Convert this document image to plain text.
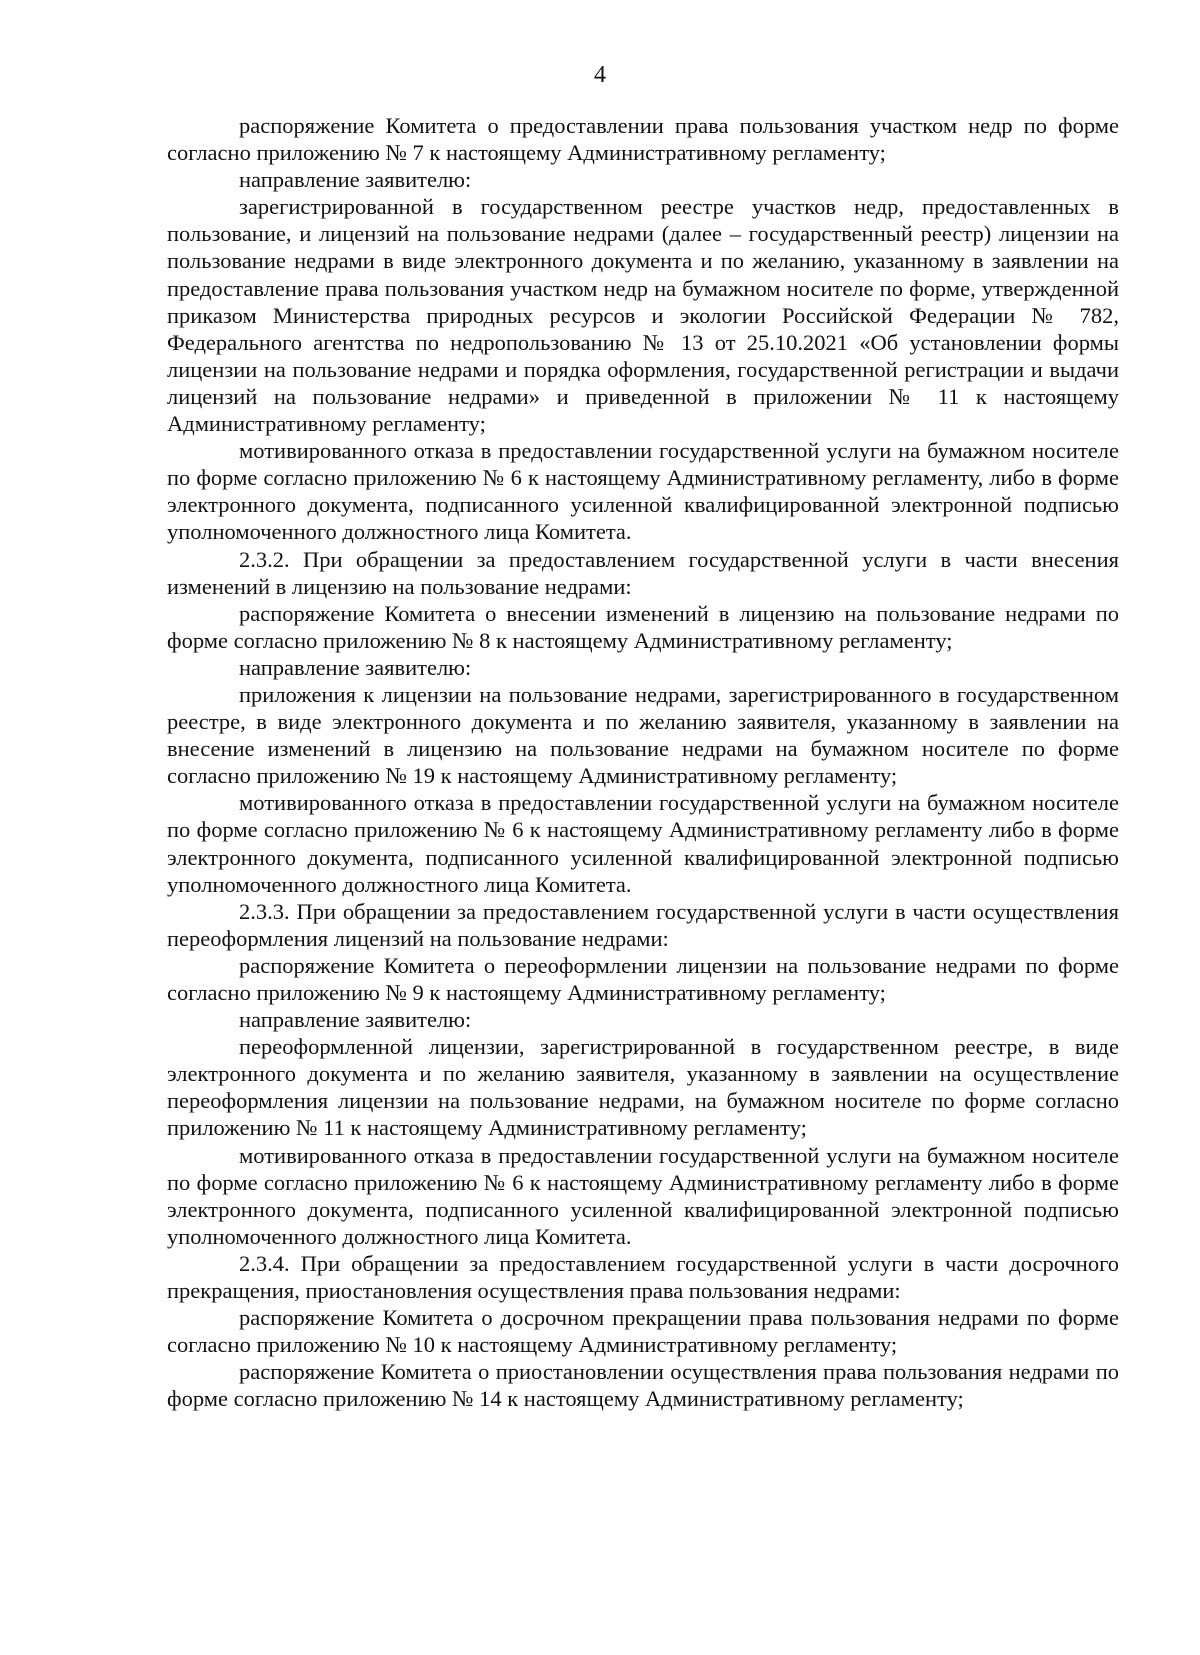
4

распоряжение Комитета о предоставлении права пользования участком недр по форме согласно приложению № 7 к настоящему Административному регламенту;

направление заявителю:

зарегистрированной в государственном реестре участков недр, предоставленных в пользование, и лицензий на пользование недрами (далее – государственный реестр) лицензии на пользование недрами в виде электронного документа и по желанию, указанному в заявлении на предоставление права пользования участком недр на бумажном носителе по форме, утвержденной приказом Министерства природных ресурсов и экологии Российской Федерации № 782, Федерального агентства по недропользованию № 13 от 25.10.2021 «Об установлении формы лицензии на пользование недрами и порядка оформления, государственной регистрации и выдачи лицензий на пользование недрами» и приведенной в приложении № 11 к настоящему Административному регламенту;

мотивированного отказа в предоставлении государственной услуги на бумажном носителе по форме согласно приложению № 6 к настоящему Административному регламенту, либо в форме электронного документа, подписанного усиленной квалифицированной электронной подписью уполномоченного должностного лица Комитета.

2.3.2. При обращении за предоставлением государственной услуги в части внесения изменений в лицензию на пользование недрами:

распоряжение Комитета о внесении изменений в лицензию на пользование недрами по форме согласно приложению № 8 к настоящему Административному регламенту;

направление заявителю:

приложения к лицензии на пользование недрами, зарегистрированного в государственном реестре, в виде электронного документа и по желанию заявителя, указанному в заявлении на внесение изменений в лицензию на пользование недрами на бумажном носителе по форме согласно приложению № 19 к настоящему Административному регламенту;

мотивированного отказа в предоставлении государственной услуги на бумажном носителе по форме согласно приложению № 6 к настоящему Административному регламенту либо в форме электронного документа, подписанного усиленной квалифицированной электронной подписью уполномоченного должностного лица Комитета.

2.3.3. При обращении за предоставлением государственной услуги в части осуществления переоформления лицензий на пользование недрами:

распоряжение Комитета о переоформлении лицензии на пользование недрами по форме согласно приложению № 9 к настоящему Административному регламенту;

направление заявителю:

переоформленной лицензии, зарегистрированной в государственном реестре, в виде электронного документа и по желанию заявителя, указанному в заявлении на осуществление переоформления лицензии на пользование недрами, на бумажном носителе по форме согласно приложению № 11 к настоящему Административному регламенту;

мотивированного отказа в предоставлении государственной услуги на бумажном носителе по форме согласно приложению № 6 к настоящему Административному регламенту либо в форме электронного документа, подписанного усиленной квалифицированной электронной подписью уполномоченного должностного лица Комитета.

2.3.4. При обращении за предоставлением государственной услуги в части досрочного прекращения, приостановления осуществления права пользования недрами:

распоряжение Комитета о досрочном прекращении права пользования недрами по форме согласно приложению № 10 к настоящему Административному регламенту;

распоряжение Комитета о приостановлении осуществления права пользования недрами по форме согласно приложению № 14 к настоящему Административному регламенту;
